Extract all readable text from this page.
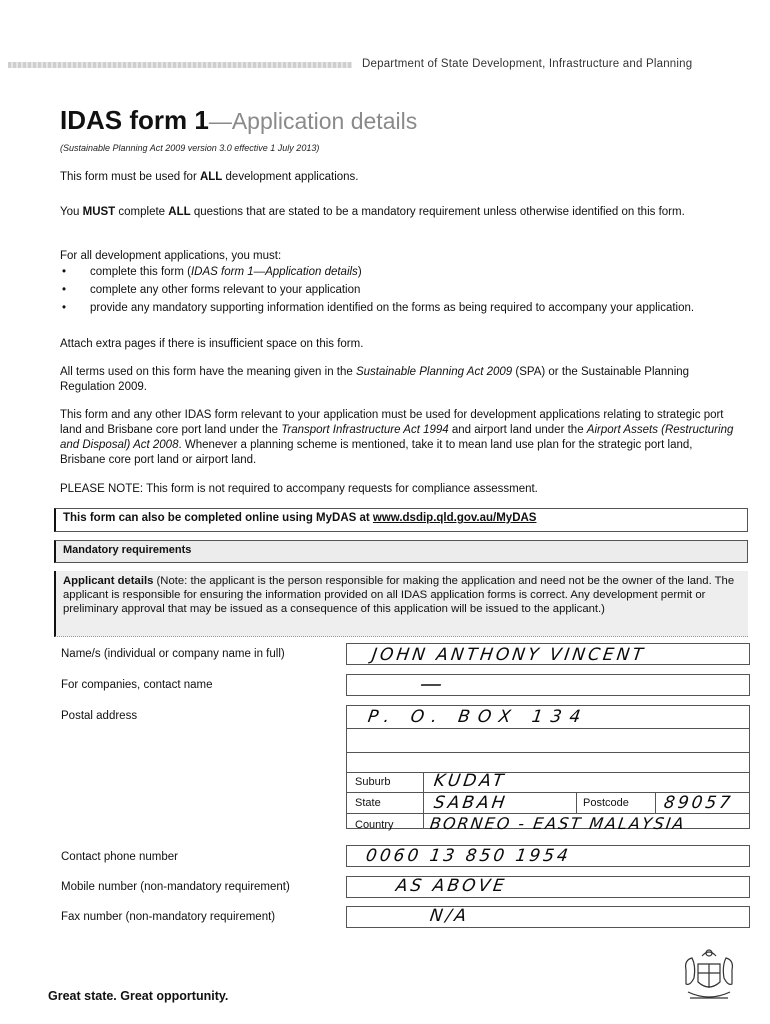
Department of State Development, Infrastructure and Planning
IDAS form 1—Application details
(Sustainable Planning Act 2009 version 3.0 effective 1 July 2013)
This form must be used for ALL development applications.
You MUST complete ALL questions that are stated to be a mandatory requirement unless otherwise identified on this form.
For all development applications, you must:
• complete this form (IDAS form 1—Application details)
• complete any other forms relevant to your application
• provide any mandatory supporting information identified on the forms as being required to accompany your application.
Attach extra pages if there is insufficient space on this form.
All terms used on this form have the meaning given in the Sustainable Planning Act 2009 (SPA) or the Sustainable Planning Regulation 2009.
This form and any other IDAS form relevant to your application must be used for development applications relating to strategic port land and Brisbane core port land under the Transport Infrastructure Act 1994 and airport land under the Airport Assets (Restructuring and Disposal) Act 2008. Whenever a planning scheme is mentioned, take it to mean land use plan for the strategic port land, Brisbane core port land or airport land.
PLEASE NOTE: This form is not required to accompany requests for compliance assessment.
This form can also be completed online using MyDAS at www.dsdip.qld.gov.au/MyDAS
Mandatory requirements
Applicant details (Note: the applicant is the person responsible for making the application and need not be the owner of the land. The applicant is responsible for ensuring the information provided on all IDAS application forms is correct. Any development permit or preliminary approval that may be issued as a consequence of this application will be issued to the applicant.)
Name/s (individual or company name in full)	JOHN ANTHONY VINCENT
For companies, contact name	—
Postal address	P. O. BOX 134
Suburb KUDAT
State	SABAH	Postcode 89057
Country BORNEO - EAST MALAYSIA
Contact phone number	0060 13 850 1954
Mobile number (non-mandatory requirement)	AS ABOVE
Fax number (non-mandatory requirement)	N/A
Great state. Great opportunity.
